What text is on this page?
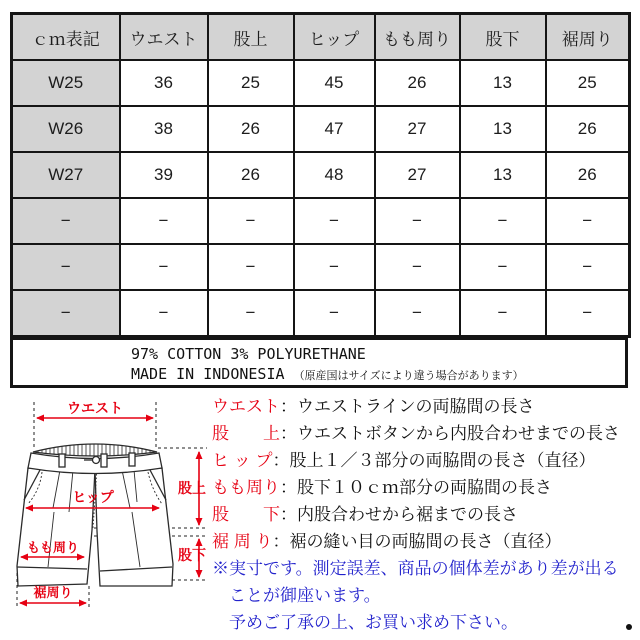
ｃｍ表記	ウエスト	股上	ヒップ	もも周り	股下	裾周り
W25	36	25	45	26	13	25
W26	38	26	47	27	13	26
W27	39	26	48	27	13	26
−	−	−	−	−	−	−
−	−	−	−	−	−	−
−	−	−	−	−	−	−
97% COTTON 3% POLYURETHANE
MADE IN INDONESIA （原産国はサイズにより違う場合があります）
ウエスト
ヒップ
股上
股下
もも周り
裾周り
ウエスト：ウエストラインの両脇間の長さ
股　　上：ウエストボタンから内股合わせまでの長さ
ヒ ッ プ：股上１／３部分の両脇間の長さ（直径）
もも周り：股下１０ｃｍ部分の両脇間の長さ
股　　下：内股合わせから裾までの長さ
裾 周 り：裾の縫い目の両脇間の長さ（直径）
※実寸です。測定誤差、商品の個体差があり差が出る
ことが御座います。
予めご了承の上、お買い求め下さい。
